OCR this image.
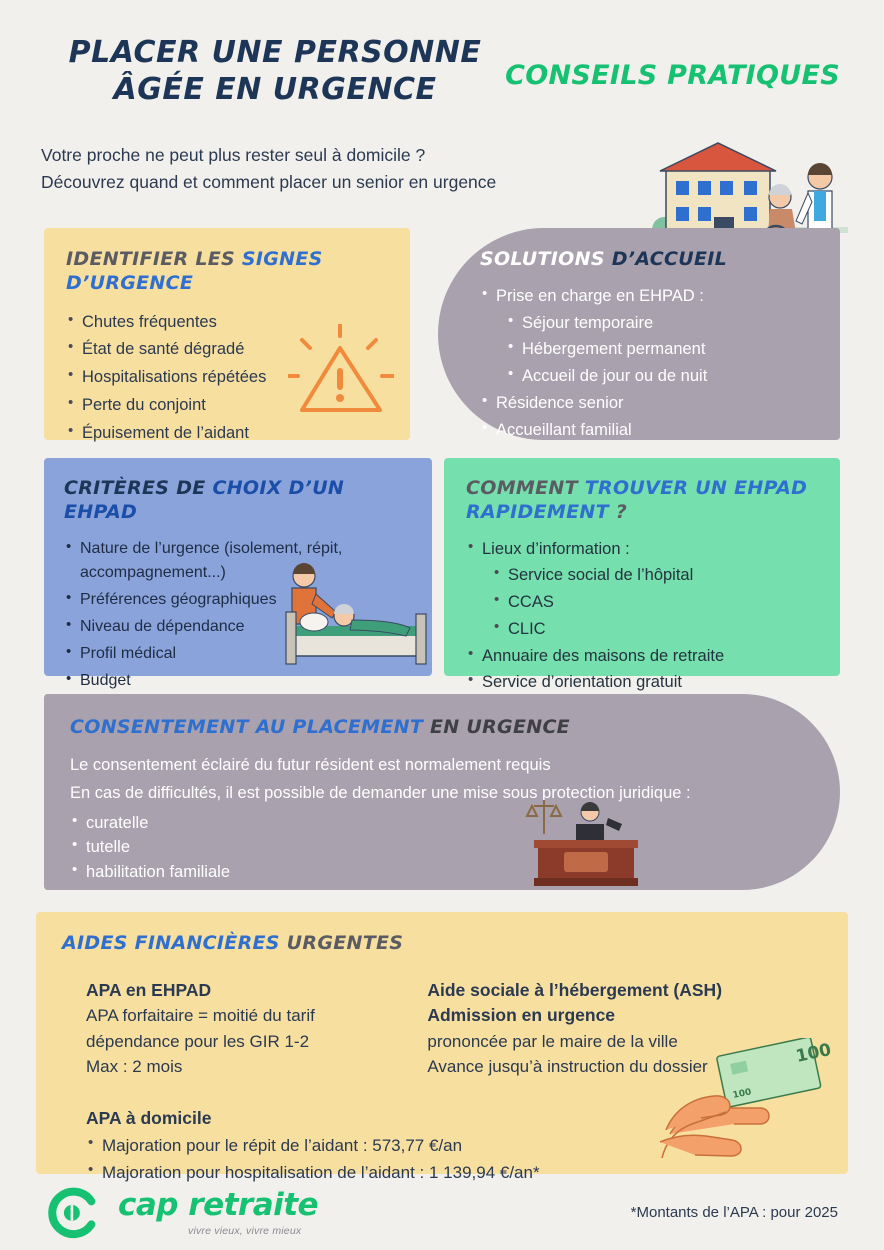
PLACER UNE PERSONNE ÂGÉE EN URGENCE	CONSEILS PRATIQUES
Votre proche ne peut plus rester seul à domicile ?
Découvrez quand et comment placer un senior en urgence
IDENTIFIER LES SIGNES D’URGENCE
• Chutes fréquentes
• État de santé dégradé
• Hospitalisations répétées
• Perte du conjoint
• Épuisement de l’aidant
SOLUTIONS D’ACCUEIL
• Prise en charge en EHPAD :
• Séjour temporaire
• Hébergement permanent
• Accueil de jour ou de nuit
• Résidence senior
• Accueillant familial
CRITÈRES DE CHOIX D’UN EHPAD
• Nature de l’urgence (isolement, répit, accompagnement...)
• Préférences géographiques
• Niveau de dépendance
• Profil médical
• Budget
COMMENT TROUVER UN EHPAD RAPIDEMENT ?
• Lieux d’information :
• Service social de l’hôpital
• CCAS
• CLIC
• Annuaire des maisons de retraite
• Service d’orientation gratuit
CONSENTEMENT AU PLACEMENT EN URGENCE
Le consentement éclairé du futur résident est normalement requis
En cas de difficultés, il est possible de demander une mise sous protection juridique :
• curatelle
• tutelle
• habilitation familiale
AIDES FINANCIÈRES URGENTES
APA en EHPAD
APA forfaitaire = moitié du tarif
dépendance pour les GIR 1-2
Max : 2 mois
Aide sociale à l’hébergement (ASH)
Admission en urgence
prononcée par le maire de la ville
Avance jusqu’à instruction du dossier
APA à domicile
• Majoration pour le répit de l’aidant : 573,77 €/an
• Majoration pour hospitalisation de l’aidant : 1 139,94 €/an*
100
100
cap retraite
vivre vieux, vivre mieux
*Montants de l’APA : pour 2025
